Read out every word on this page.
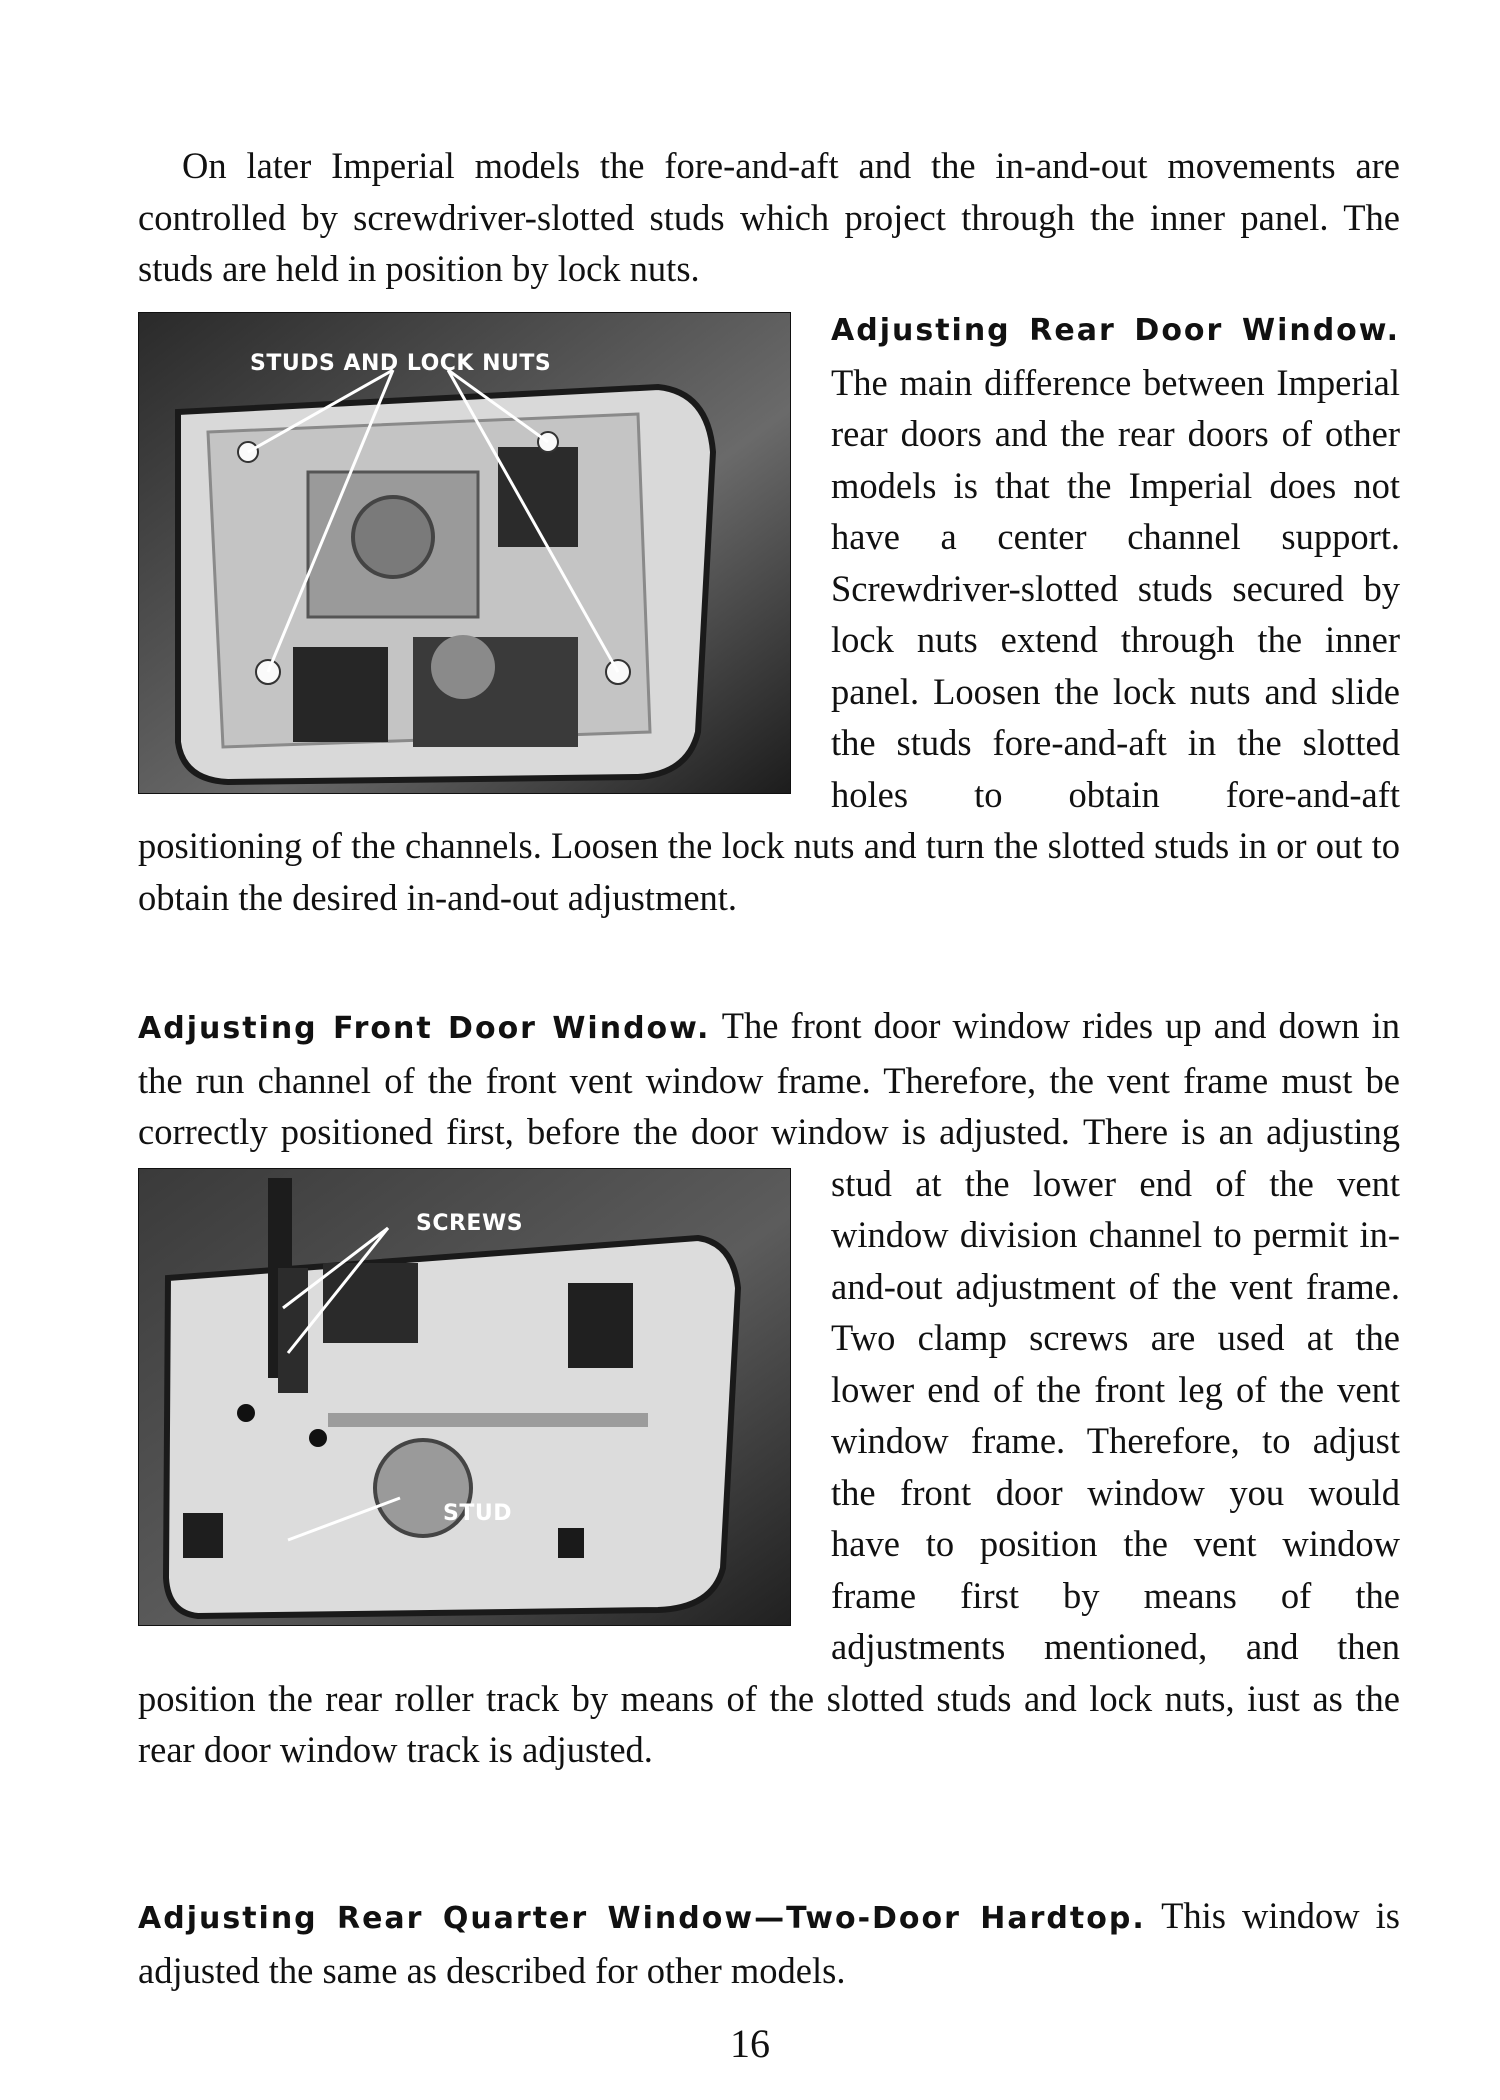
On later Imperial models the fore-and-aft and the in-and-out movements are controlled by screwdriver-slotted studs which project through the inner panel. The studs are held in position by lock nuts.
STUDS AND LOCK NUTS
Adjusting Rear Door Window. The main difference between Imperial rear doors and the rear doors of other models is that the Imperial does not have a center channel support. Screwdriver-slotted studs secured by lock nuts extend through the inner panel. Loosen the lock nuts and slide the studs fore-and-aft in the slotted holes to obtain fore-and-aft positioning of the channels. Loosen the lock nuts and turn the slotted studs in or out to obtain the desired in-and-out adjustment.
Adjusting Front Door Window. The front door window rides up and down in the run channel of the front vent window frame. Therefore, the vent frame must be correctly positioned first, before the door window is adjusted.
SCREWS
STUD
There is an adjusting stud at the lower end of the vent window division channel to permit in-and-out adjustment of the vent frame. Two clamp screws are used at the lower end of the front leg of the vent window frame. Therefore, to adjust the front door window you would have to position the vent window frame first by means of the adjustments mentioned, and then position the rear roller track by means of the slotted studs and lock nuts, iust as the rear door window track is adjusted.
Adjusting Rear Quarter Window—Two-Door Hardtop. This window is adjusted the same as described for other models.
16
